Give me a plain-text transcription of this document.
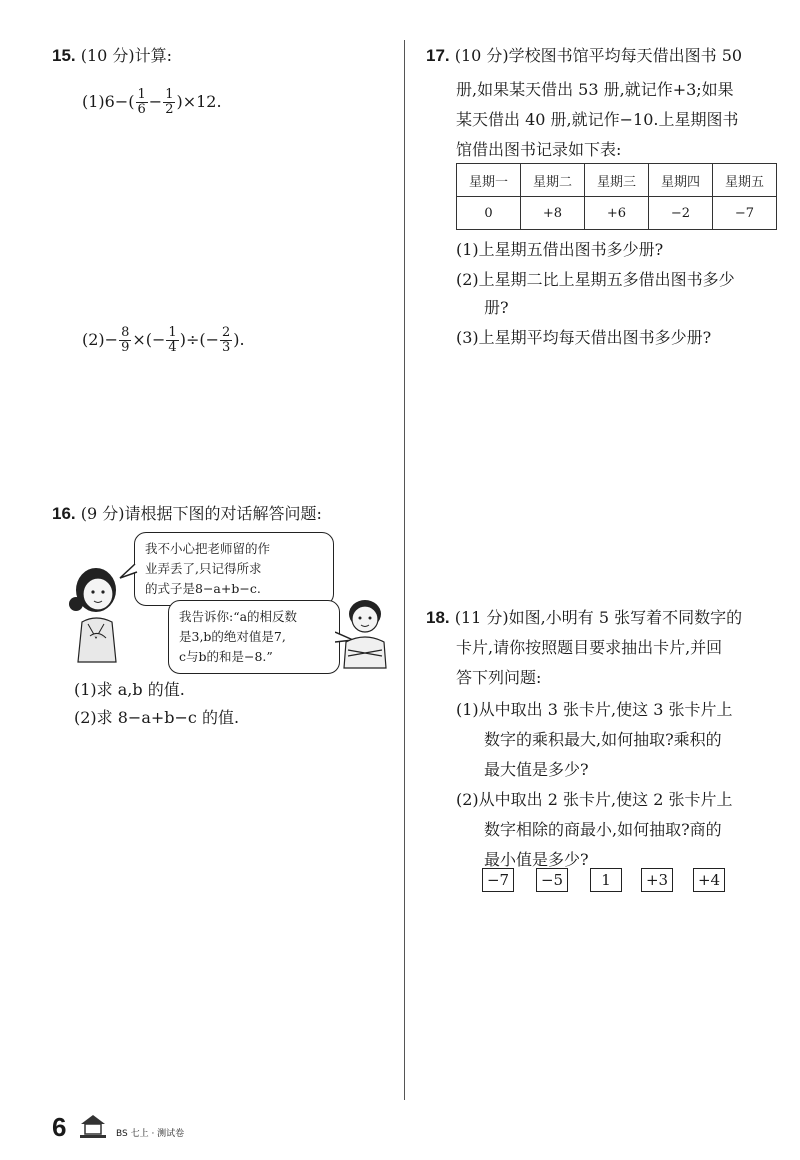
15. (10 分)计算:
$(1)6-( \frac{1}{6} - \frac{1}{2} )\times 12$.
$(2)- \frac{8}{9}$ ×(− $\frac{1}{4}$ )÷(− $\frac{2}{3}$ ).
16. (9 分)请根据下图的对话解答问题:
我不小心把老师留的作
业弄丢了,只记得所求
的式子是8−a+b−c.
我告诉你:“a的相反数
是3,b的绝对值是7,
c与b的和是−8.”
(1)求 a,b 的值.
(2)求 8−a+b−c 的值.
17. (10 分)学校图书馆平均每天借出图书 50
册,如果某天借出 53 册,就记作+3;如果
某天借出 40 册,就记作−10.上星期图书
馆借出图书记录如下表:
星期一	星期二	星期三	星期四	星期五
0	+8	+6	−2	−7
(1)上星期五借出图书多少册?
(2)上星期二比上星期五多借出图书多少
册?
(3)上星期平均每天借出图书多少册?
18. (11 分)如图,小明有 5 张写着不同数字的
卡片,请你按照题目要求抽出卡片,并回
答下列问题:
(1)从中取出 3 张卡片,使这 3 张卡片上
数字的乘积最大,如何抽取?乘积的
最大值是多少?
(2)从中取出 2 张卡片,使这 2 张卡片上
数字相除的商最小,如何抽取?商的
最小值是多少?
−7	−5	1	+3	+4
6	BS 七上 · 测试卷
